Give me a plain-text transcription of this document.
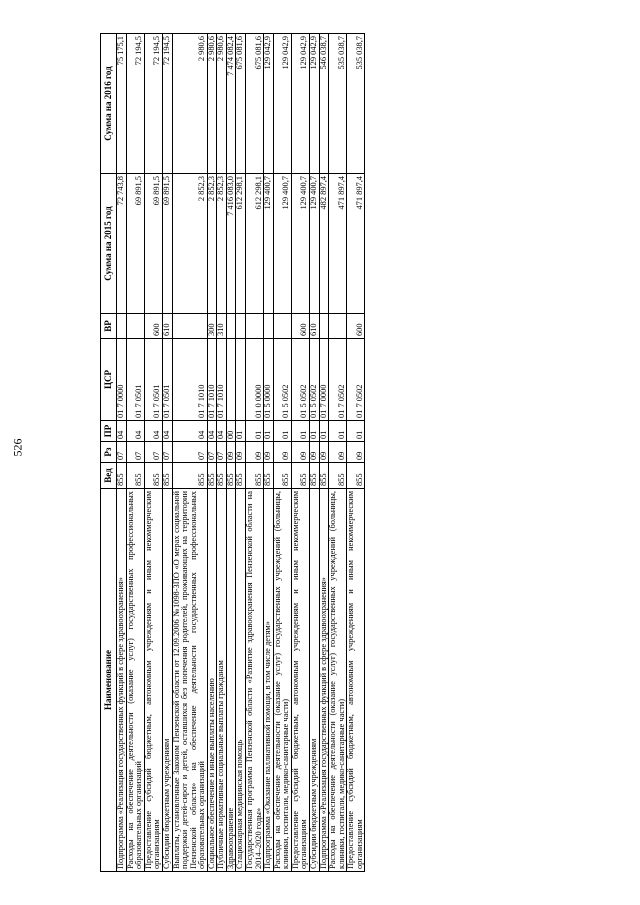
526
Наименование	Вед	Рз	ПР	ЦСР	ВР	Сумма на 2015 год	Сумма на 2016 год
Подпрограмма «Реализация государственных функций в сфере здравоохранения»	855	07	04	01 7 0000		72 743,8	75 175,1
Расходы на обеспечение деятельности (оказание услуг) государственных профессиональных образовательных организаций	855	07	04	01 7 0501		69 891,5	72 194,5
Предоставление субсидий бюджетным, автономным учреждениям и иным некоммерческим организациям	855	07	04	01 7 0501	600	69 891,5	72 194,5
Субсидии бюджетным учреждениям	855	07	04	01 7 0501	610	69 891,5	72 194,5
Выплаты, установленные Законом Пензенской области от 12.09.2006 №1098-ЗПО «О мерах социальной поддержки детей-сирот и детей, оставшихся без попечения родителей, проживающих на территории Пензенской области» на обеспечение деятельности государственных профессиональных образовательных организаций	855	07	04	01 7 1010		2 852,3	2 980,6
Социальное обеспечение и иные выплаты населению	855	07	04	01 7 1010	300	2 852,3	2 980,6
Публичные нормативные социальные выплаты гражданам	855	07	04	01 7 1010	310	2 852,3	2 980,6
Здравоохранение	855	09	00			7 416 083,0	7 474 082,4
Стационарная медицинская помощь	855	09	01			612 298,1	675 081,6
Государственная программа Пензенской области «Развитие здравоохранения Пензенской области на 2014–2020 годы»	855	09	01	01 0 0000		612 298,1	675 081,6
Подпрограмма «Оказание паллиативной помощи, в том числе детям»	855	09	01	01 5 0000		129 400,7	129 042,9
Расходы на обеспечение деятельности (оказание услуг) государственных учреждений (больницы, клиники, госпитали, медико-санитарные части)	855	09	01	01 5 0502		129 400,7	129 042,9
Предоставление субсидий бюджетным, автономным учреждениям и иным некоммерческим организациям	855	09	01	01 5 0502	600	129 400,7	129 042,9
Субсидии бюджетным учреждениям	855	09	01	01 5 0502	610	129 400,7	129 042,9
Подпрограмма «Реализация государственных функций в сфере здравоохранения»	855	09	01	01 7 0000		482 897,4	546 038,7
Расходы на обеспечение деятельности (оказание услуг) государственных учреждений (больницы, клиники, госпитали, медико-санитарные части)	855	09	01	01 7 0502		471 897,4	535 038,7
Предоставление субсидий бюджетным, автономным учреждениям и иным некоммерческим организациям	855	09	01	01 7 0502	600	471 897,4	535 038,7
